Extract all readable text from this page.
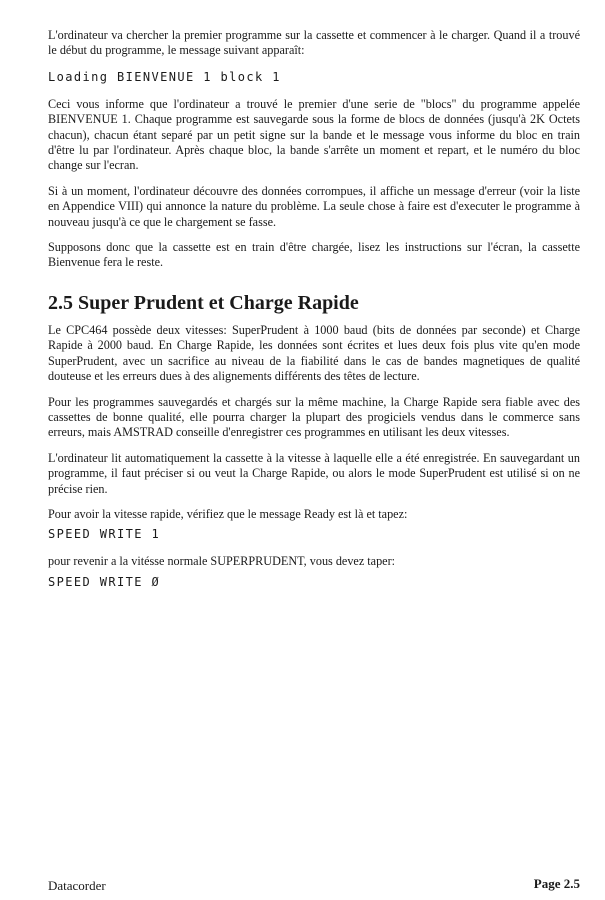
L'ordinateur va chercher la premier programme sur la cassette et commencer à le charger. Quand il a trouvé le début du programme, le message suivant apparaît:

Loading BIENVENUE 1 block 1

Ceci vous informe que l'ordinateur a trouvé le premier d'une serie de "blocs" du programme appelée BIENVENUE 1. Chaque programme est sauvegarde sous la forme de blocs de données (jusqu'à 2K Octets chacun), chacun étant separé par un petit signe sur la bande et le message vous informe du bloc en train d'être lu par l'ordinateur. Après chaque bloc, la bande s'arrête un moment et repart, et le numéro du bloc change sur l'ecran.

Si à un moment, l'ordinateur découvre des données corrompues, il affiche un message d'erreur (voir la liste en Appendice VIII) qui annonce la nature du problème. La seule chose à faire est d'executer le programme à nouveau jusqu'à ce que le chargement se fasse.

Supposons donc que la cassette est en train d'être chargée, lisez les instructions sur l'écran, la cassette Bienvenue fera le reste.

2.5 Super Prudent et Charge Rapide

Le CPC464 possède deux vitesses: SuperPrudent à 1000 baud (bits de données par seconde) et Charge Rapide à 2000 baud. En Charge Rapide, les données sont écrites et lues deux fois plus vite qu'en mode SuperPrudent, avec un sacrifice au niveau de la fiabilité dans le cas de bandes magnetiques de qualité douteuse et les erreurs dues à des alignements différents des têtes de lecture.

Pour les programmes sauvegardés et chargés sur la même machine, la Charge Rapide sera fiable avec des cassettes de bonne qualité, elle pourra charger la plupart des progiciels vendus dans le commerce sans erreurs, mais AMSTRAD conseille d'enregistrer ces programmes en utilisant les deux vitesses.

L'ordinateur lit automatiquement la cassette à la vitesse à laquelle elle a été enregistrée. En sauvegardant un programme, il faut préciser si ou veut la Charge Rapide, ou alors le mode SuperPrudent est utilisé si on ne précise rien.

Pour avoir la vitesse rapide, vérifiez que le message Ready est là et tapez:

SPEED WRITE 1

pour revenir a la vitésse normale SUPERPRUDENT, vous devez taper:

SPEED WRITE Ø
Datacorder	Page 2.5
